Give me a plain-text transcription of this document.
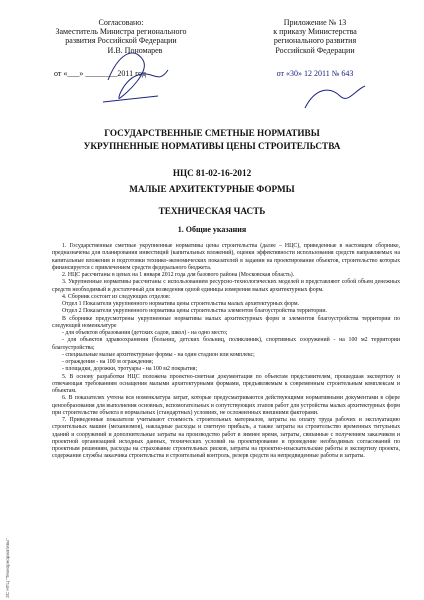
Согласовано:
Заместитель Министра регионального
развития Российской Федерации
И.В. Пономарев
от «___» ________2011 год
Приложение № 13
к приказу Министерства
регионального развития
Российской Федерации
от «30» 12 2011 № 643
ГОСУДАРСТВЕННЫЕ СМЕТНЫЕ НОРМАТИВЫ
УКРУПНЕННЫЕ НОРМАТИВЫ ЦЕНЫ СТРОИТЕЛЬСТВА
НЦС 81-02-16-2012
МАЛЫЕ АРХИТЕКТУРНЫЕ ФОРМЫ
ТЕХНИЧЕСКАЯ ЧАСТЬ
1. Общие указания

1. Государственные сметные укрупненные нормативы цены строительства (далее – НЦС), приведенные в настоящем сборнике, предназначены для планирования инвестиций (капитальных вложений), оценки эффективности использования средств направляемых на капитальные вложения и подготовки технико-экономических показателей в задании на проектирование объектов, строительство которых финансируется с привлечением средств федерального бюджета.

2. НЦС рассчитаны в ценах на 1 января 2012 года для базового района (Московская область).

3. Укрупненные нормативы рассчитаны с использованием ресурсно-технологических моделей и представляют собой объем денежных средств необходимый и достаточный для возведения одной единицы измерения малых архитектурных форм.

4. Сборник состоит из следующих отделов:

Отдел 1 Показатели укрупненного норматива цены строительства малых архитектурных форм.

Отдел 2 Показатели укрупненного норматива цены строительства элементов благоустройства территории.

В сборнике предусмотрены укрупненные нормативы малых архитектурных форм и элементов благоустройства территории по следующей номенклатуре

- для объектов образования (детских садов, школ) - на одно место;

- для объектов здравоохранения (больниц, детских больниц, поликлиник), спортивных сооружений - на 100 м2 территории благоустройства;

- специальные малые архитектурные формы - на один стадион или комплекс;

- ограждения - на 100 м ограждения;

- площадки, дорожки, тротуары - на 100 м2 покрытия;

5. В основу разработки НЦС положена проектно-сметная документация по объектам представителям, прошедшая экспертизу и отвечающая требованиям оснащения малыми архитектурными формами, предъявляемым к современным строительным комплексам и объектам.

6. В показателях учтена вся номенклатура затрат, которые предусматриваются действующими нормативными документами в сфере ценообразования для выполнения основных, вспомогательных и сопутствующих этапов работ для устройства малых архитектурных форм при строительстве объекта в нормальных (стандартных) условиях, не осложненных внешними факторами.

7. Приведенные показатели учитывают стоимость строительных материалов, затраты на оплату труда рабочих и эксплуатацию строительных машин (механизмов), накладные расходы и сметную прибыль, а также затраты на строительство временных титульных зданий и сооружений и дополнительные затраты на производство работ в зимнее время, затраты, связанные с получением заказчиком и проектной организацией исходных данных, технических условий на проектирование и проведение необходимых согласований по проектным решениям, расходы на страхование строительных рисков, затраты на проектно-изыскательские работы и экспертизу проекта, содержание службы заказчика строительства и строительный контроль, резерв средств на непредвиденные работы и затраты.

ЗС НТЦ "Технорнормативы"
